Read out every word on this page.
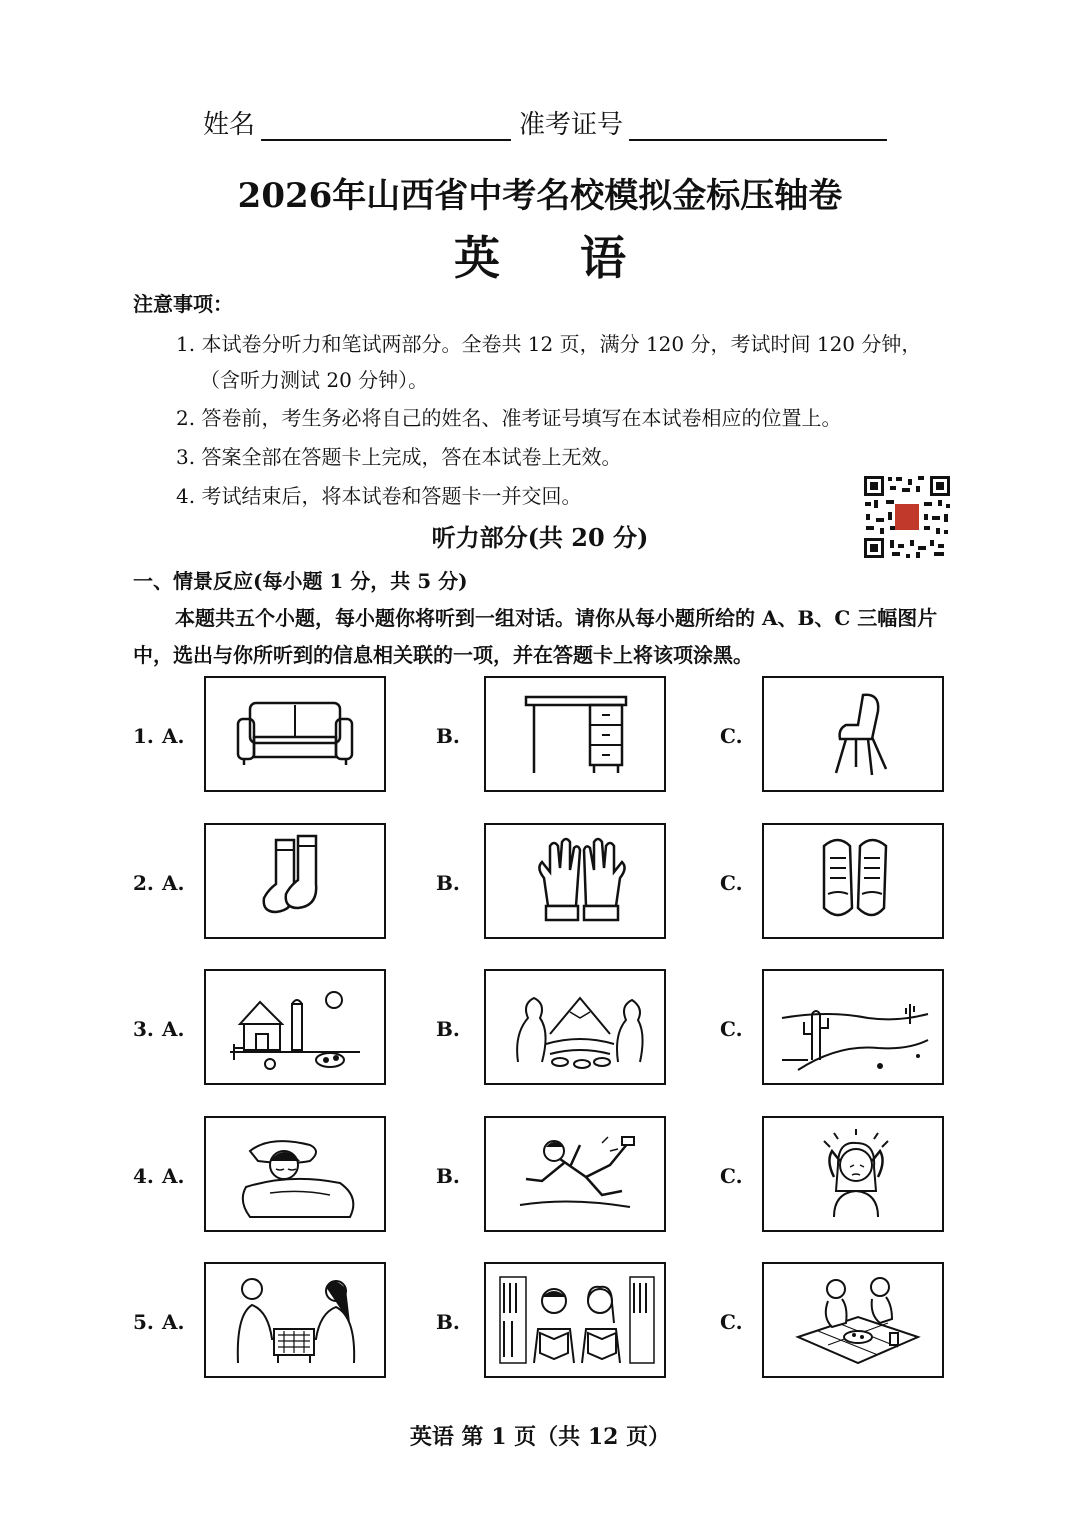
姓名	准考证号
2026年山西省中考名校模拟金标压轴卷
英语
注意事项：
1. 本试卷分听力和笔试两部分。全卷共 12 页，满分 120 分，考试时间 120 分钟，
（含听力测试 20 分钟）。
2. 答卷前，考生务必将自己的姓名、准考证号填写在本试卷相应的位置上。
3. 答案全部在答题卡上完成，答在本试卷上无效。
4. 考试结束后，将本试卷和答题卡一并交回。
听力部分(共 20 分)
一、情景反应(每小题 1 分，共 5 分)
本题共五个小题，每小题你将听到一组对话。请你从每小题所给的 A、B、C 三幅图片中，选出与你所听到的信息相关联的一项，并在答题卡上将该项涂黑。
1. A.	B.	C.
2. A.	B.	C.
3. A.	B.	C.
4. A.	B.	C.
5. A.	B.	C.
英语 第 1 页（共 12 页）
